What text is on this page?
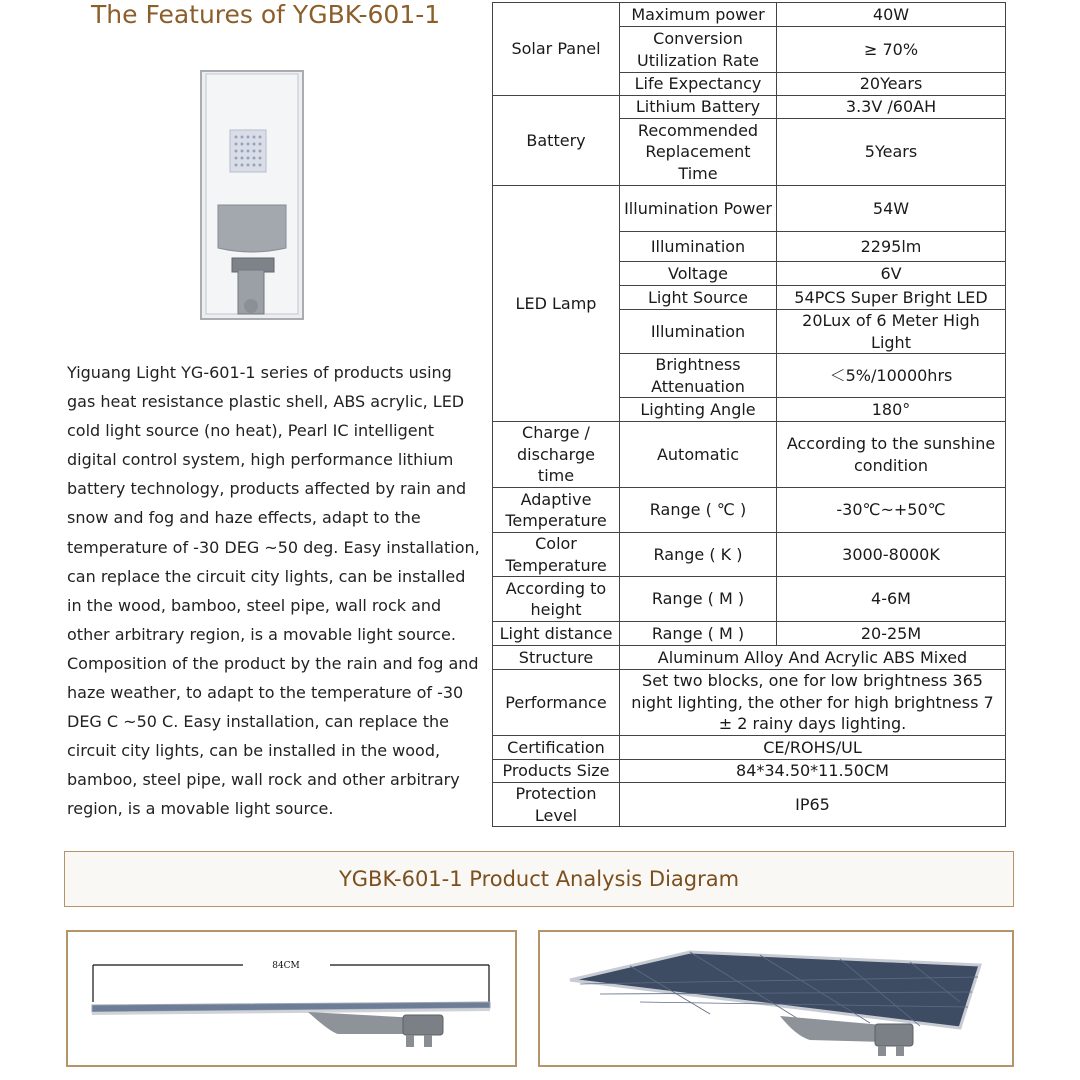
The Features of YGBK-601-1
Yiguang Light YG-601-1 series of products using gas heat resistance plastic shell, ABS acrylic, LED cold light source (no heat), Pearl IC intelligent digital control system, high performance lithium battery technology, products affected by rain and snow and fog and haze effects, adapt to the temperature of -30 DEG ~50 deg. Easy installation, can replace the circuit city lights, can be installed in the wood, bamboo, steel pipe, wall rock and other arbitrary region, is a movable light source. Composition of the product by the rain and fog and haze weather, to adapt to the temperature of -30 DEG C ~50 C. Easy installation, can replace the circuit city lights, can be installed in the wood, bamboo, steel pipe, wall rock and other arbitrary region, is a movable light source.
Solar Panel	Maximum power	40W
	Conversion Utilization Rate	≥ 70%
	Life Expectancy	20Years
Battery	Lithium Battery	3.3V /60AH
	Recommended Replacement Time	5Years
LED Lamp	Illumination Power	54W
	Illumination	2295lm
	Voltage	6V
	Light Source	54PCS Super Bright LED
	Illumination	20Lux of 6 Meter High Light
	Brightness Attenuation	＜5%/10000hrs
	Lighting Angle	180°
Charge / discharge time	Automatic	According to the sunshine condition
Adaptive Temperature	Range ( ℃ )	-30℃~+50℃
Color Temperature	Range ( K )	3000-8000K
According to height	Range ( M )	4-6M
Light distance	Range ( M )	20-25M
Structure	Aluminum Alloy And Acrylic ABS Mixed	
Performance	Set two blocks, one for low brightness 365 night lighting, the other for high brightness 7 ± 2 rainy days lighting.	
Certification	CE/ROHS/UL	
Products Size	84*34.50*11.50CM	
Protection Level	IP65	
YGBK-601-1 Product Analysis Diagram
84CM
